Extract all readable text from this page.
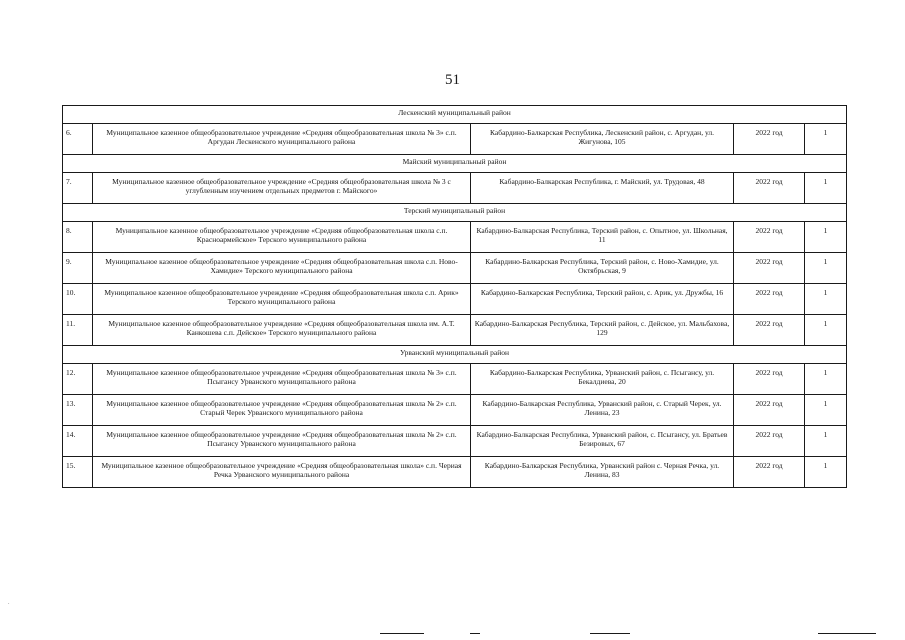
51
Лескенский муниципальный район				
6.	Муниципальное казенное общеобразовательное учреждение «Средняя общеобразовательная школа № 3» с.п. Аргудан Лескенского муниципального района	Кабардино-Балкарская Республика, Лескенский район, с. Аргудан, ул. Жигунова, 105	2022 год	1
Майский муниципальный район				
7.	Муниципальное казенное общеобразовательное учреждение «Средняя общеобразовательная школа № 3 с углубленным изучением отдельных предметов г. Майского»	Кабардино-Балкарская Республика, г. Майский, ул. Трудовая, 48	2022 год	1
Терский муниципальный район				
8.	Муниципальное казенное общеобразовательное учреждение «Средняя общеобразовательная школа с.п. Красноармейское» Терского муниципального района	Кабардино-Балкарская Республика, Терский район, с. Опытное, ул. Школьная, 11	2022 год	1
9.	Муниципальное казенное общеобразовательное учреждение «Средняя общеобразовательная школа с.п. Ново-Хамидие» Терского муниципального района	Кабардино-Балкарская Республика, Терский район, с. Ново-Хамидие, ул. Октябрьская, 9	2022 год	1
10.	Муниципальное казенное общеобразовательное учреждение «Средняя общеобразовательная школа с.п. Арик» Терского муниципального района	Кабардино-Балкарская Республика, Терский район, с. Арик, ул. Дружбы, 16	2022 год	1
11.	Муниципальное казенное общеобразовательное учреждение «Средняя общеобразовательная школа им. А.Т. Канкошева с.п. Дейское» Терского муниципального района	Кабардино-Балкарская Республика, Терский район, с. Дейское, ул. Мальбахова, 129	2022 год	1
Урванский муниципальный район				
12.	Муниципальное казенное общеобразовательное учреждение «Средняя общеобразовательная школа № 3» с.п. Псыгансу Урванского муниципального района	Кабардино-Балкарская Республика, Урванский район, с. Псыгансу, ул. Бекалдиева, 20	2022 год	1
13.	Муниципальное казенное общеобразовательное учреждение «Средняя общеобразовательная школа № 2» с.п. Старый Черек Урванского муниципального района	Кабардино-Балкарская Республика, Урванский район, с. Старый Черек, ул. Ленина, 23	2022 год	1
14.	Муниципальное казенное общеобразовательное учреждение «Средняя общеобразовательная школа № 2» с.п. Псыгансу Урванского муниципального района	Кабардино-Балкарская Республика, Урванский район, с. Псыгансу, ул. Братьев Безировых, 67	2022 год	1
15.	Муниципальное казенное общеобразовательное учреждение «Средняя общеобразовательная школа» с.п. Чериая Речка Урванского муниципального района	Кабардино-Балкарская Республика, Урванский район с. Черная Речка, ул. Ленина, 83	2022 год	1
.
